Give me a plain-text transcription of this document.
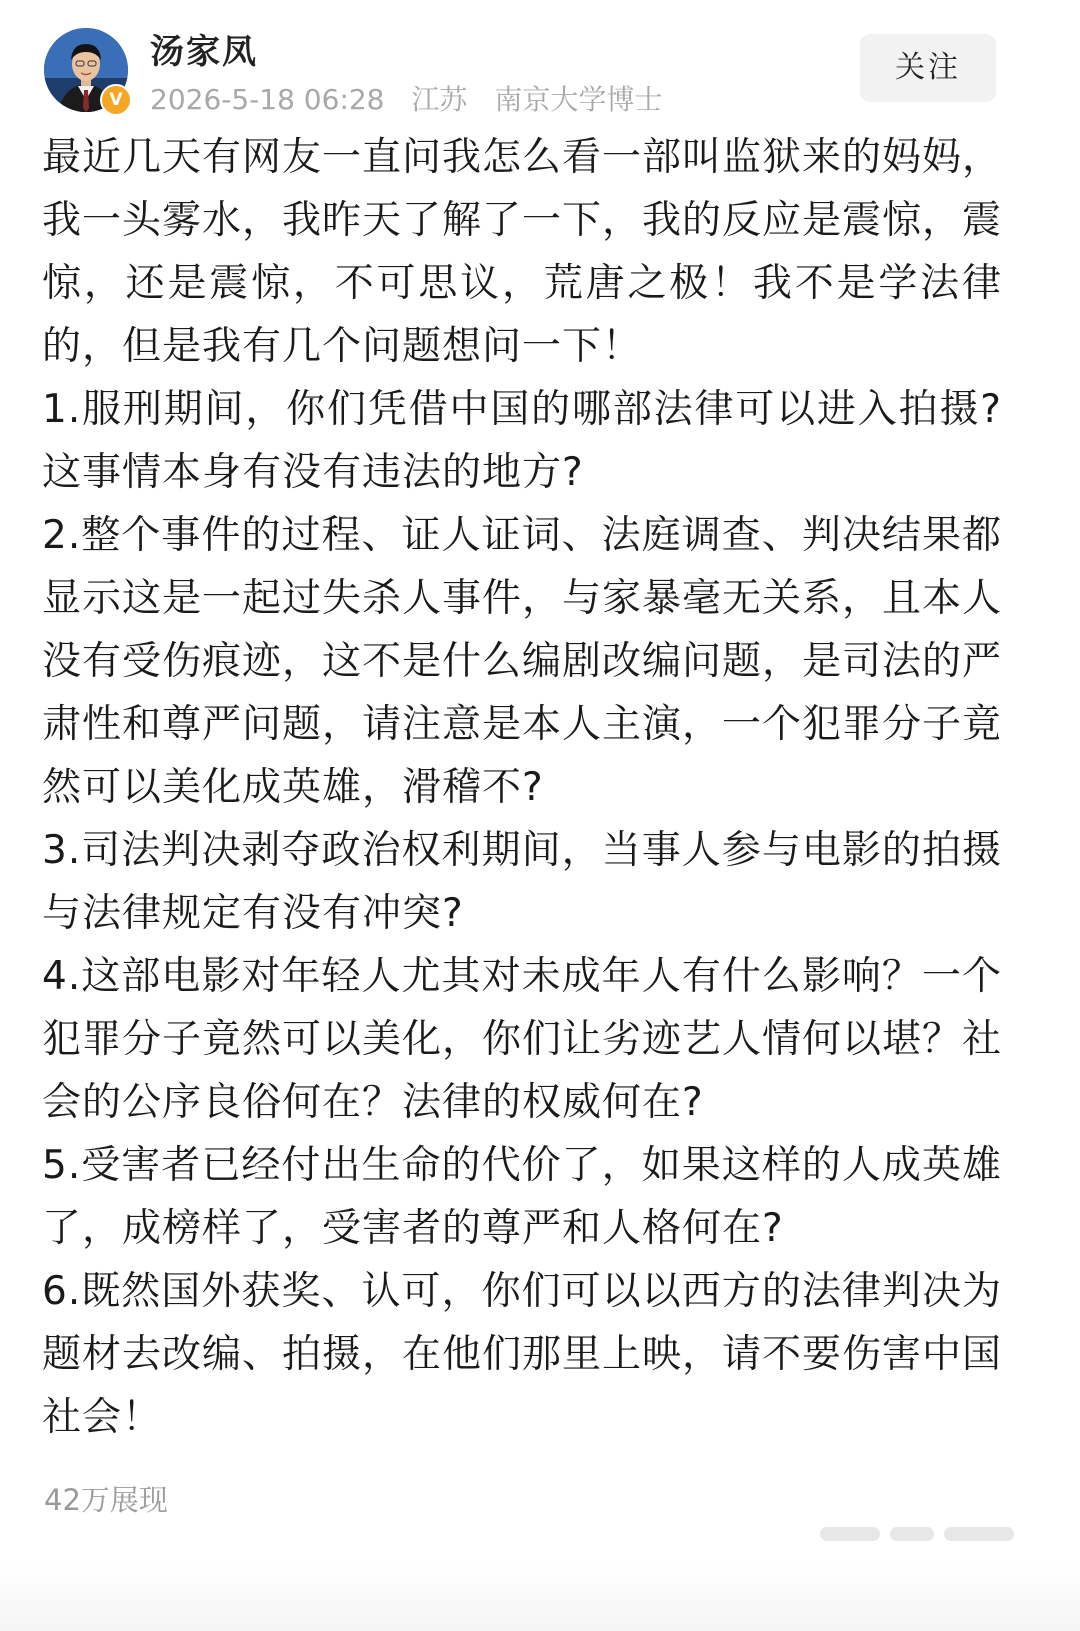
V
汤家凤
2026-5-18 06:28 江苏 南京大学博士
关注

最近几天有网友一直问我怎么看一部叫监狱来的妈妈，我一头雾水，我昨天了解了一下，我的反应是震惊，震惊，还是震惊，不可思议，荒唐之极！我不是学法律的，但是我有几个问题想问一下！

1.服刑期间，你们凭借中国的哪部法律可以进入拍摄?这事情本身有没有违法的地方?

2.整个事件的过程、证人证词、法庭调查、判决结果都显示这是一起过失杀人事件，与家暴毫无关系，且本人没有受伤痕迹，这不是什么编剧改编问题，是司法的严肃性和尊严问题，请注意是本人主演，一个犯罪分子竟然可以美化成英雄，滑稽不?

3.司法判决剥夺政治权利期间，当事人参与电影的拍摄与法律规定有没有冲突?

4.这部电影对年轻人尤其对未成年人有什么影响？一个犯罪分子竟然可以美化，你们让劣迹艺人情何以堪？社会的公序良俗何在？法律的权威何在?

5.受害者已经付出生命的代价了，如果这样的人成英雄了，成榜样了，受害者的尊严和人格何在?

6.既然国外获奖、认可，你们可以以西方的法律判决为题材去改编、拍摄，在他们那里上映，请不要伤害中国社会！

42万展现
